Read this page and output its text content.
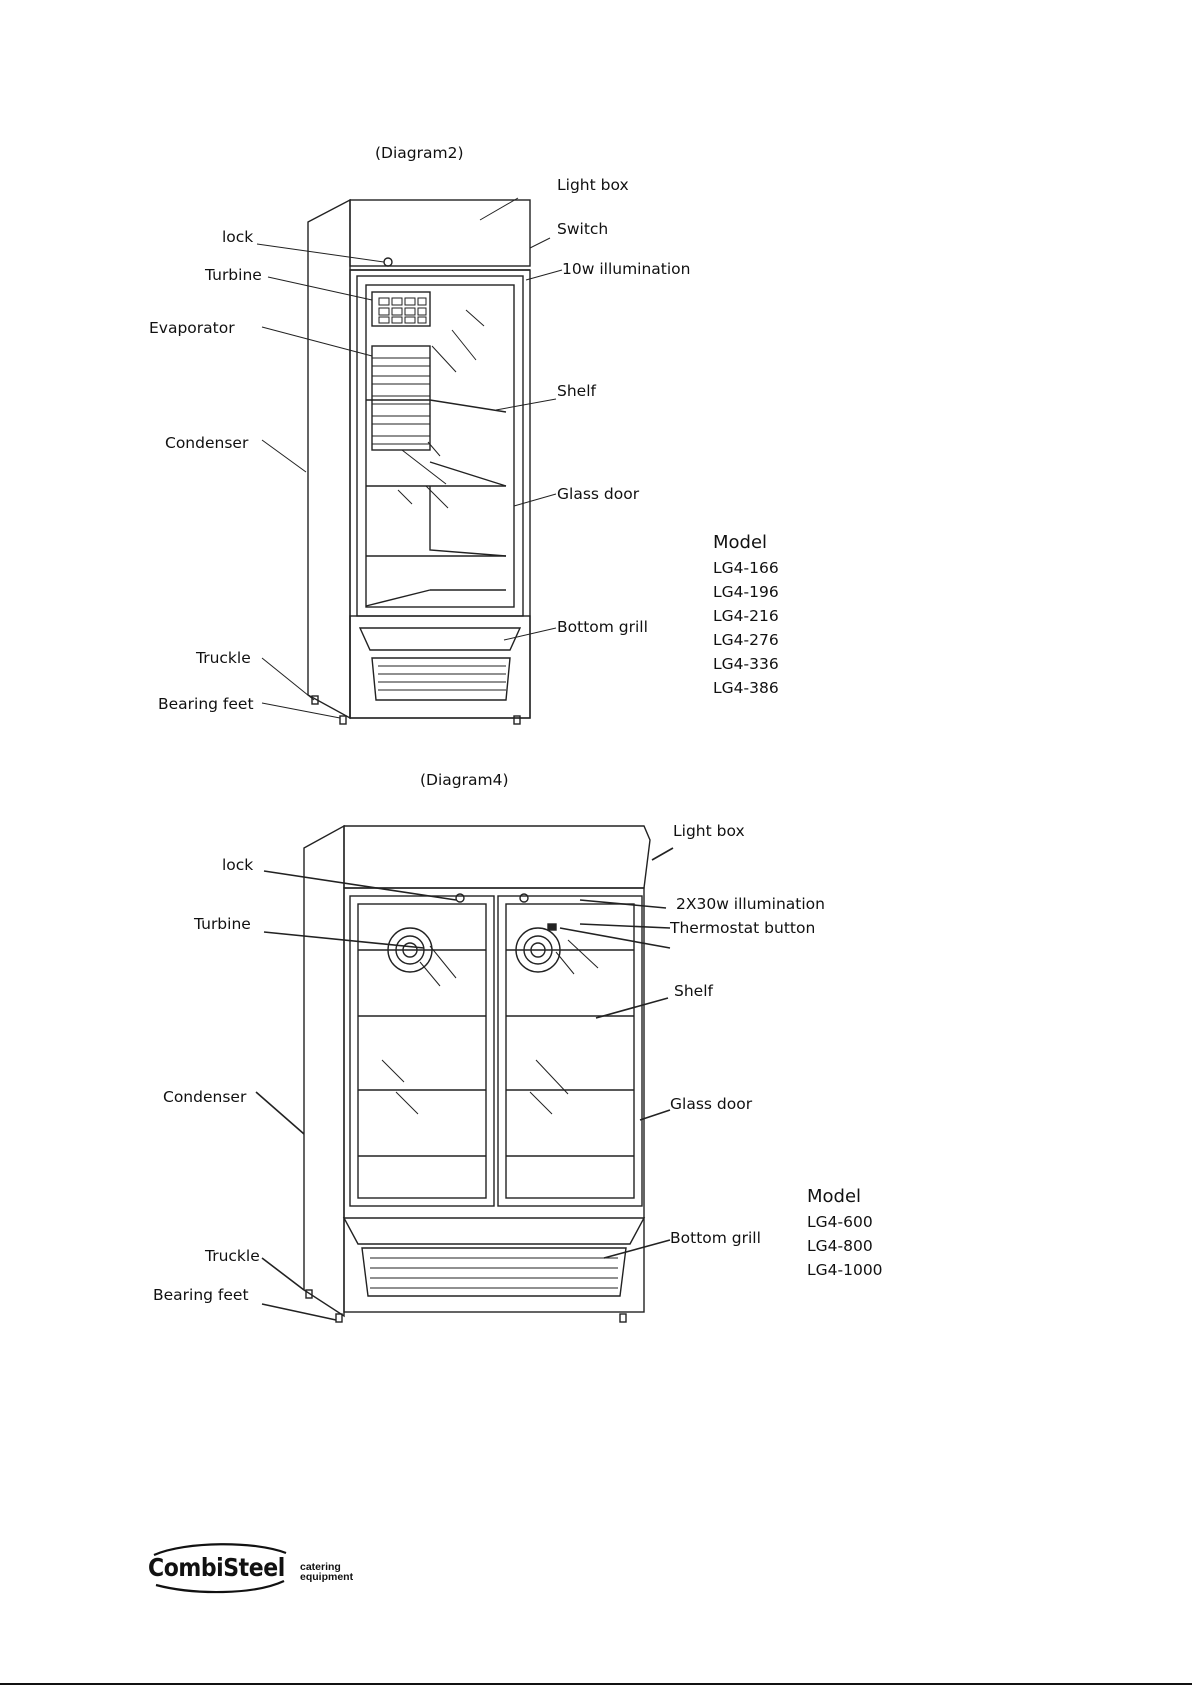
(Diagram2)
Light box
Switch
10w illumination
lock
Turbine
Evaporator
Shelf
Condenser
Glass door
Bottom grill
Truckle
Bearing feet
Model
LG4-166
LG4-196
LG4-216
LG4-276
LG4-336
LG4-386
(Diagram4)
Light box
lock
2X30w illumination
Turbine	Thermostat button
Shelf
Condenser	Glass door
Bottom grill
Truckle
Bearing feet
Model
LG4-600
LG4-800
LG4-1000
CombiSteel catering
equipment
